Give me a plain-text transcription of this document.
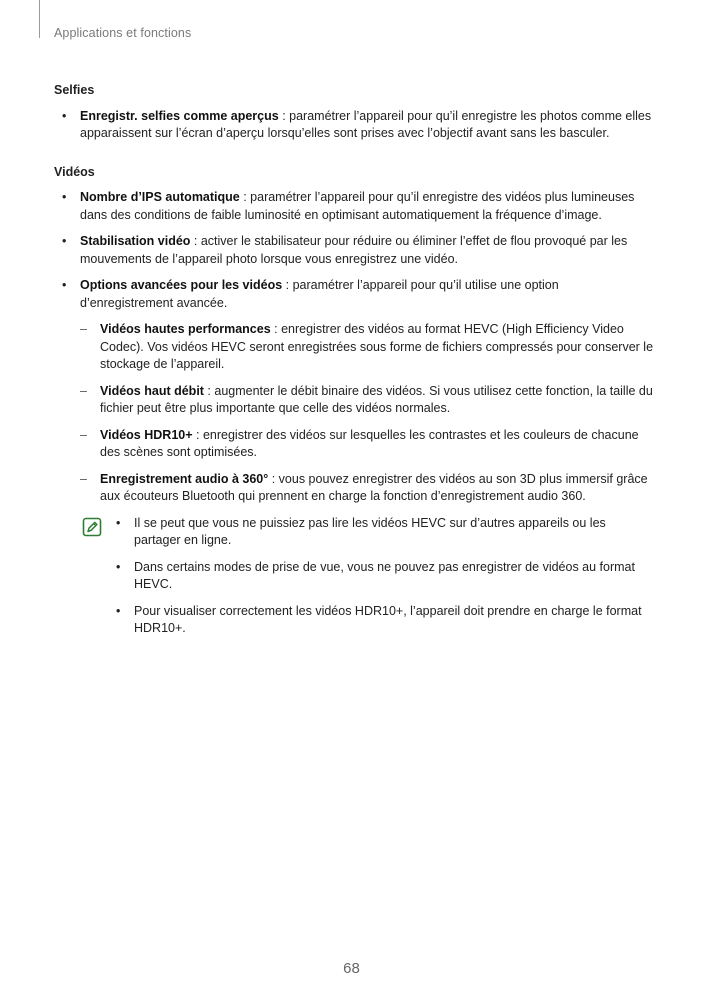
Applications et fonctions
Selfies
• Enregistr. selfies comme aperçus : paramétrer l’appareil pour qu’il enregistre les photos comme elles apparaissent sur l’écran d’aperçu lorsqu’elles sont prises avec l’objectif avant sans les basculer.
Vidéos
• Nombre d’IPS automatique : paramétrer l’appareil pour qu’il enregistre des vidéos plus lumineuses dans des conditions de faible luminosité en optimisant automatiquement la fréquence d’image.
• Stabilisation vidéo : activer le stabilisateur pour réduire ou éliminer l’effet de flou provoqué par les mouvements de l’appareil photo lorsque vous enregistrez une vidéo.
• Options avancées pour les vidéos : paramétrer l’appareil pour qu’il utilise une option d’enregistrement avancée.
– Vidéos hautes performances : enregistrer des vidéos au format HEVC (High Efficiency Video Codec). Vos vidéos HEVC seront enregistrées sous forme de fichiers compressés pour conserver le stockage de l’appareil.
– Vidéos haut débit : augmenter le débit binaire des vidéos. Si vous utilisez cette fonction, la taille du fichier peut être plus importante que celle des vidéos normales.
– Vidéos HDR10+ : enregistrer des vidéos sur lesquelles les contrastes et les couleurs de chacune des scènes sont optimisées.
– Enregistrement audio à 360° : vous pouvez enregistrer des vidéos au son 3D plus immersif grâce aux écouteurs Bluetooth qui prennent en charge la fonction d’enregistrement audio 360.
• Il se peut que vous ne puissiez pas lire les vidéos HEVC sur d’autres appareils ou les partager en ligne.
• Dans certains modes de prise de vue, vous ne pouvez pas enregistrer de vidéos au format HEVC.
• Pour visualiser correctement les vidéos HDR10+, l’appareil doit prendre en charge le format HDR10+.
68
